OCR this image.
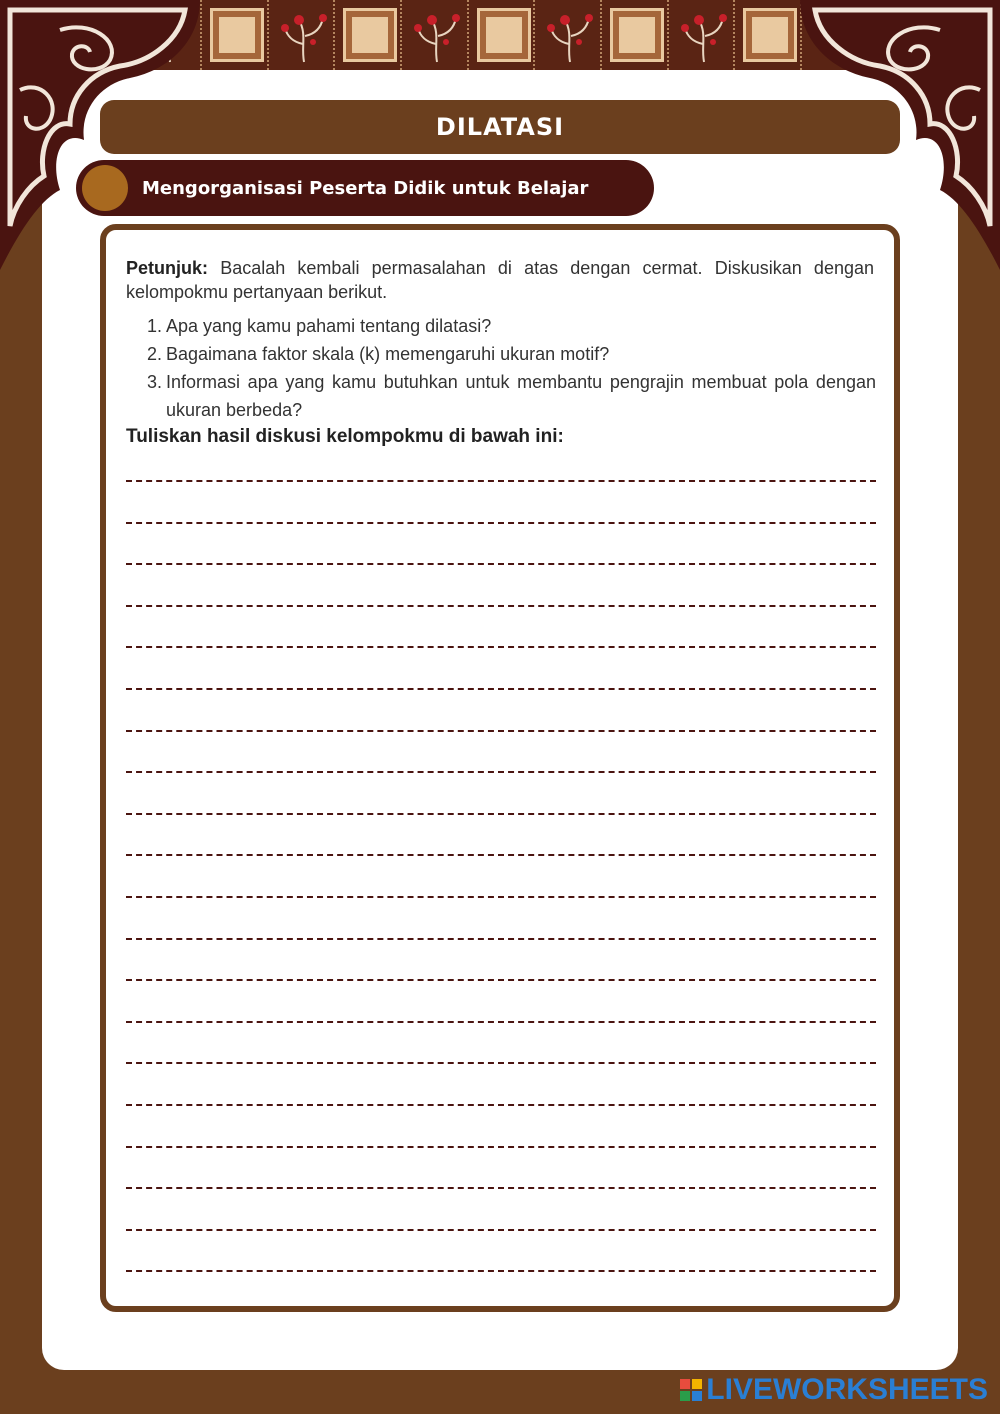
DILATASI
Mengorganisasi Peserta Didik untuk Belajar
Petunjuk: Bacalah kembali permasalahan di atas dengan cermat. Diskusikan dengan kelompokmu pertanyaan berikut.
1. Apa yang kamu pahami tentang dilatasi?
2. Bagaimana faktor skala (k) memengaruhi ukuran motif?
3. Informasi apa yang kamu butuhkan untuk membantu pengrajin membuat pola dengan ukuran berbeda?
Tuliskan hasil diskusi kelompokmu di bawah ini:
LIVEWORKSHEETS
